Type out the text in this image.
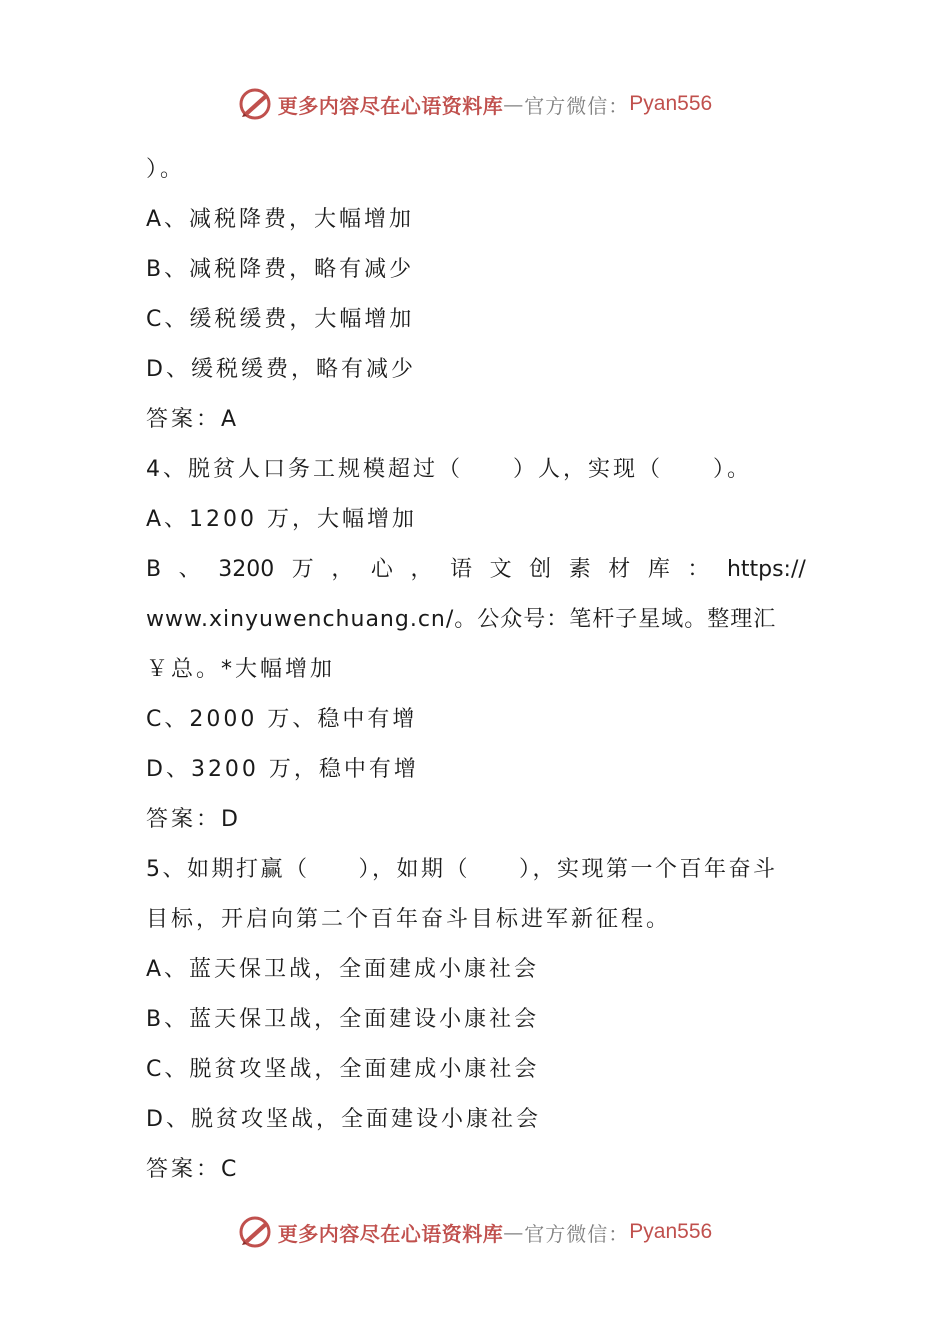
更多内容尽在心语资料库 — 官方微信： Pyan556
）。
A、减税降费，大幅增加
B、减税降费，略有减少
C、缓税缓费，大幅增加
D、缓税缓费，略有减少
答案：A
4、脱贫人口务工规模超过（　　）人，实现（　　）。
A、1200 万，大幅增加
B 、 3200 万 ， 心 ， 语 文 创 素 材 库 ： https://
www.xinyuwenchuang.cn/。公众号：笔杆子星域。整理汇
￥总。*大幅增加
C、2000 万、稳中有增
D、3200 万，稳中有增
答案：D
5、如期打赢（　　），如期（　　），实现第一个百年奋斗
目标，开启向第二个百年奋斗目标进军新征程。
A、蓝天保卫战，全面建成小康社会
B、蓝天保卫战，全面建设小康社会
C、脱贫攻坚战，全面建成小康社会
D、脱贫攻坚战，全面建设小康社会
答案：C
更多内容尽在心语资料库 — 官方微信： Pyan556
